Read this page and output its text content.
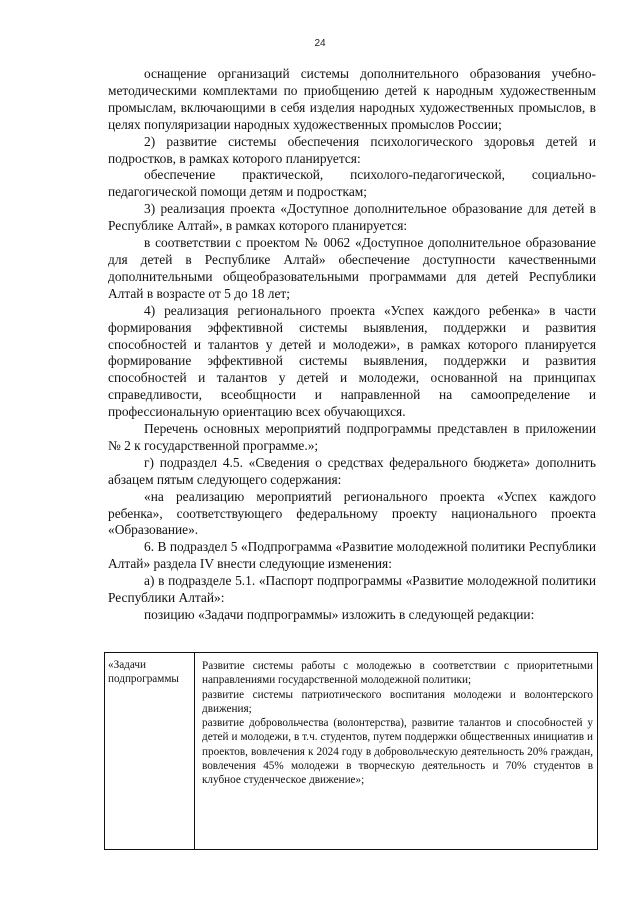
24

оснащение организаций системы дополнительного образования учебно-методическими комплектами по приобщению детей к народным художественным промыслам, включающими в себя изделия народных художественных промыслов, в целях популяризации народных художественных промыслов России;

2) развитие системы обеспечения психологического здоровья детей и подростков, в рамках которого планируется:

обеспечение практической, психолого-педагогической, социально-педагогической помощи детям и подросткам;

3) реализация проекта «Доступное дополнительное образование для детей в Республике Алтай», в рамках которого планируется:

в соответствии с проектом № 0062 «Доступное дополнительное образование для детей в Республике Алтай» обеспечение доступности качественными дополнительными общеобразовательными программами для детей Республики Алтай в возрасте от 5 до 18 лет;

4) реализация регионального проекта «Успех каждого ребенка» в части формирования эффективной системы выявления, поддержки и развития способностей и талантов у детей и молодежи», в рамках которого планируется формирование эффективной системы выявления, поддержки и развития способностей и талантов у детей и молодежи, основанной на принципах справедливости, всеобщности и направленной на самоопределение и профессиональную ориентацию всех обучающихся.

Перечень основных мероприятий подпрограммы представлен в приложении № 2 к государственной программе.»;

г) подраздел 4.5. «Сведения о средствах федерального бюджета» дополнить абзацем пятым следующего содержания:

«на реализацию мероприятий регионального проекта «Успех каждого ребенка», соответствующего федеральному проекту национального проекта «Образование».

6. В подраздел 5 «Подпрограмма «Развитие молодежной политики Республики Алтай» раздела IV внести следующие изменения:

а) в подразделе 5.1. «Паспорт подпрограммы «Развитие молодежной политики Республики Алтай»:

позицию «Задачи подпрограммы» изложить в следующей редакции:

«Задачи подпрограммы

Развитие системы работы с молодежью в соответствии с приоритетными направлениями государственной молодежной политики;

развитие системы патриотического воспитания молодежи и волонтерского движения;

развитие добровольчества (волонтерства), развитие талантов и способностей у детей и молодежи, в т.ч. студентов, путем поддержки общественных инициатив и проектов, вовлечения к 2024 году в добровольческую деятельность 20% граждан, вовлечения 45% молодежи в творческую деятельность и 70% студентов в клубное студенческое движение»;
